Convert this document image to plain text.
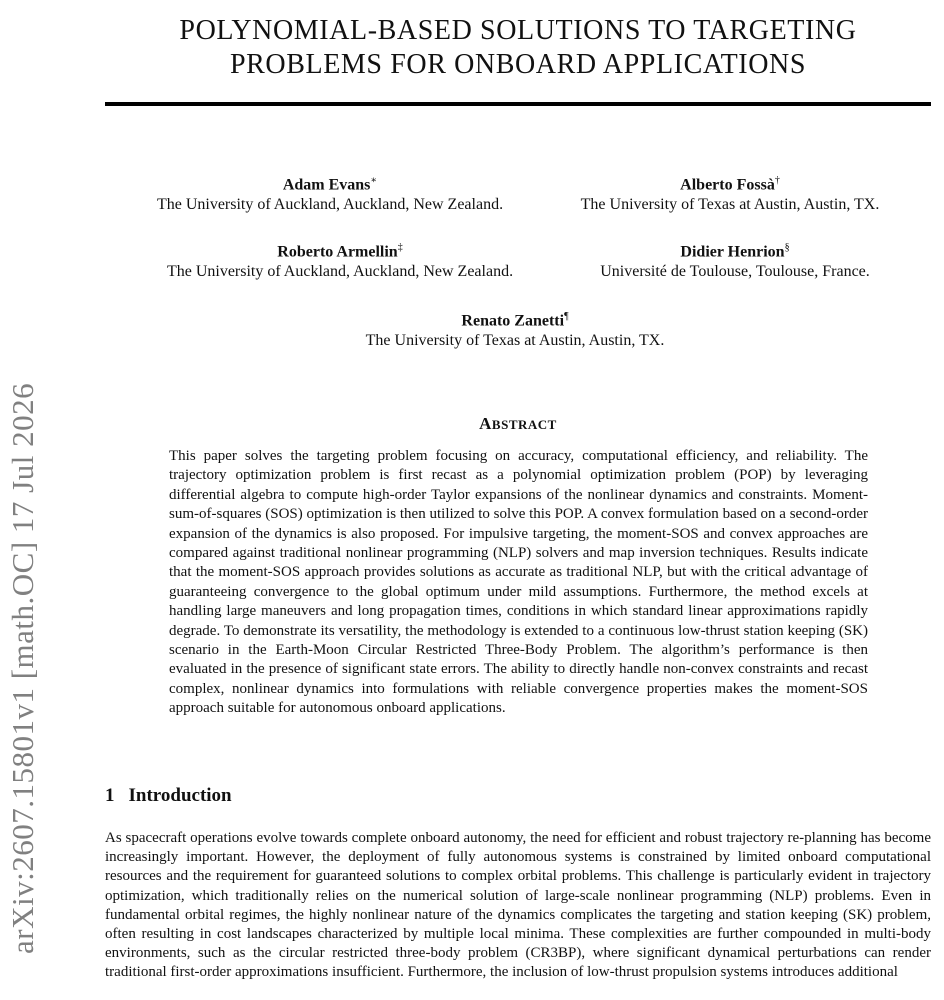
arXiv:2607.15801v1 [math.OC] 17 Jul 2026
POLYNOMIAL-BASED SOLUTIONS TO TARGETING
PROBLEMS FOR ONBOARD APPLICATIONS
Adam Evans∗
The University of Auckland, Auckland, New Zealand.
Alberto Fossà†
The University of Texas at Austin, Austin, TX.
Roberto Armellin‡
The University of Auckland, Auckland, New Zealand.
Didier Henrion§
Université de Toulouse, Toulouse, France.
Renato Zanetti¶
The University of Texas at Austin, Austin, TX.
ABSTRACT
This paper solves the targeting problem focusing on accuracy, computational efficiency, and reliability. The trajectory optimization problem is first recast as a polynomial optimization problem (POP) by leveraging differential algebra to compute high-order Taylor expansions of the nonlinear dynamics and constraints. Moment-sum-of-squares (SOS) optimization is then utilized to solve this POP. A convex formulation based on a second-order expansion of the dynamics is also proposed. For impulsive targeting, the moment-SOS and convex approaches are compared against traditional nonlinear programming (NLP) solvers and map inversion techniques. Results indicate that the moment-SOS approach provides solutions as accurate as traditional NLP, but with the critical advantage of guaranteeing convergence to the global optimum under mild assumptions. Furthermore, the method excels at handling large maneuvers and long propagation times, conditions in which standard linear approximations rapidly degrade. To demonstrate its versatility, the methodology is extended to a continuous low-thrust station keeping (SK) scenario in the Earth-Moon Circular Restricted Three-Body Problem. The algorithm’s performance is then evaluated in the presence of significant state errors. The ability to directly handle non-convex constraints and recast complex, nonlinear dynamics into formulations with reliable convergence properties makes the moment-SOS approach suitable for autonomous onboard applications.
1 Introduction
As spacecraft operations evolve towards complete onboard autonomy, the need for efficient and robust trajectory re-planning has become increasingly important. However, the deployment of fully autonomous systems is constrained by limited onboard computational resources and the requirement for guaranteed solutions to complex orbital problems. This challenge is particularly evident in trajectory optimization, which traditionally relies on the numerical solution of large-scale nonlinear programming (NLP) problems. Even in fundamental orbital regimes, the highly nonlinear nature of the dynamics complicates the targeting and station keeping (SK) problem, often resulting in cost landscapes characterized by multiple local minima. These complexities are further compounded in multi-body environments, such as the circular restricted three-body problem (CR3BP), where significant dynamical perturbations can render traditional first-order approximations insufficient. Furthermore, the inclusion of low-thrust propulsion systems introduces additional
